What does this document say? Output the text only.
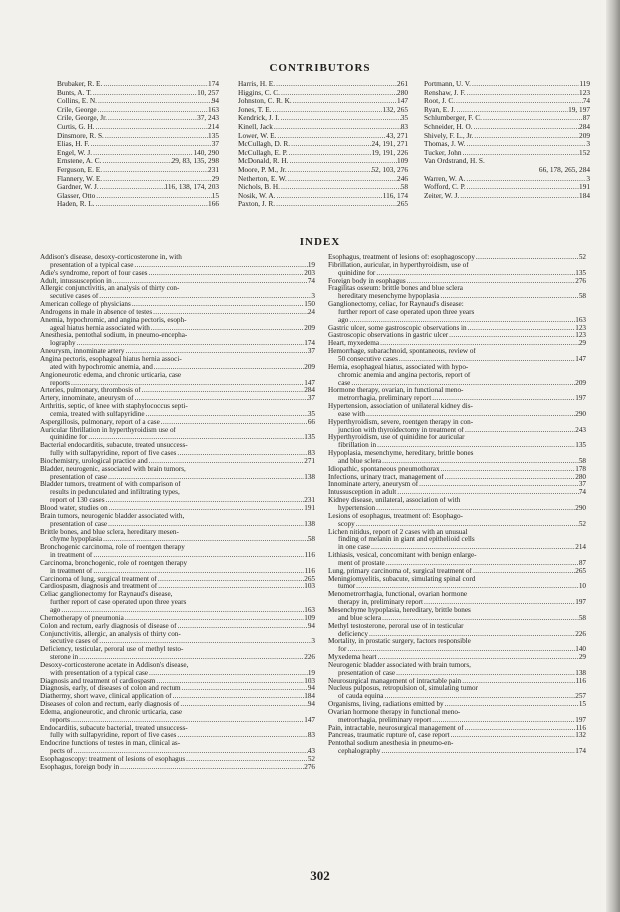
CONTRIBUTORS
Brubaker, R. E. .....	174
Bunts, A. T. .....	10, 257
Collins, E. N. .....	94
Crile, George .....	163
Crile, George, Jr. .....	37, 243
Curtis, G. H. .....	214
Dinsmore, R. S. .....	135
Elias, H. F. .....	37
Engel, W. J. .....	140, 290
Ernstene, A. C. .....	29, 83, 135, 298
Ferguson, E. E. .....	231
Flannery, W. E. .....	29
Gardner, W. J. .....	116, 138, 174, 203
Glasser, Otto .....	15
Haden, R. L. .....	166
Harris, H. E. .....	261
Higgins, C. C. .....	280
Johnston, C. R. K. .....	147
Jones, T. E. .....	132, 265
Kendrick, J. I. .....	35
Kinell, Jack .....	83
Lower, W. E. .....	43, 271
McCullagh, D. R. .....	24, 191, 271
McCullagh, E. P. .....	19, 191, 226
McDonald, R. H. .....	109
Moore, P. M., Jr. .....	52, 103, 276
Netherton, E. W. .....	246
Nichols, B. H. .....	58
Nosik, W. A. .....	116, 174
Paxton, J. R. .....	265
Portmann, U. V. .....	119
Renshaw, J. F. .....	123
Root, J. C. .....	74
Ryan, E. J. .....	19, 197
Schlumberger, F. C. .....	87
Schneider, H. O. .....	284
Shively, F. L., Jr. .....	209
Thomas, J. W. .....	3
Tucker, John .....	152
Van Ordstrand, H. S.
66, 178, 265, 284
Warren, W. A. .....	3
Wofford, C. P. .....	191
Zeiter, W. J. .....	184
INDEX
Addison's disease, desoxy-corticosterone in, with
presentation of a typical case .....	19
Adie's syndrome, report of four cases .....	203
Adult, intussusception in .....	74
Allergic conjunctivitis, an analysis of thirty con-
secutive cases of .....	3
American college of physicians .....	150
Androgens in male in absence of testes .....	24
Anemia, hypochromic, and angina pectoris, esoph-
ageal hiatus hernia associated with .....	209
Anesthesia, pentothal sodium, in pneumo-encepha-
lography .....	174
Aneurysm, innominate artery .....	37
Angina pectoris, esophageal hiatus hernia associ-
ated with hypochromic anemia, and .....	209
Angioneurotic edema, and chronic urticaria, case
reports .....	147
Arteries, pulmonary, thrombosis of .....	284
Artery, innominate, aneurysm of .....	37
Arthritis, septic, of knee with staphylococcus septi-
cemia, treated with sulfapyridine .....	35
Aspergillosis, pulmonary, report of a case .....	66
Auricular fibrillation in hyperthyroidism use of
quinidine for .....	135
Bacterial endocarditis, subacute, treated unsuccess-
fully with sulfapyridine, report of five cases .....	83
Biochemistry, urological practice and .....	271
Bladder, neurogenic, associated with brain tumors,
presentation of case .....	138
Bladder tumors, treatment of with comparison of
results in pedunculated and infiltrating types,
report of 130 cases .....	231
Blood water, studies on .....	191
Brain tumors, neurogenic bladder associated with,
presentation of case .....	138
Brittle bones, and blue sclera, hereditary mesen-
chyme hypoplasia .....	58
Bronchogenic carcinoma, role of roentgen therapy
in treatment of .....	116
Carcinoma, bronchogenic, role of roentgen therapy
in treatment of .....	116
Carcinoma of lung, surgical treatment of .....	265
Cardiospasm, diagnosis and treatment of .....	103
Celiac ganglionectomy for Raynaud's disease,
further report of case operated upon three years
ago .....	163
Chemotherapy of pneumonia .....	109
Colon and rectum, early diagnosis of disease of .....	94
Conjunctivitis, allergic, an analysis of thirty con-
secutive cases of .....	3
Deficiency, testicular, peroral use of methyl testo-
sterone in .....	226
Desoxy-corticosterone acetate in Addison's disease,
with presentation of a typical case .....	19
Diagnosis and treatment of cardiospasm .....	103
Diagnosis, early, of diseases of colon and rectum .....	94
Diathermy, short wave, clinical application of .....	184
Diseases of colon and rectum, early diagnosis of .....	94
Edema, angioneurotic, and chronic urticaria, case
reports .....	147
Endocarditis, subacute bacterial, treated unsuccess-
fully with sulfapyridine, report of five cases .....	83
Endocrine functions of testes in man, clinical as-
pects of .....	43
Esophagoscopy: treatment of lesions of esophagus .....	52
Esophagus, foreign body in .....	276
Esophagus, treatment of lesions of: esophagoscopy .....	52
Fibrillation, auricular, in hyperthyroidism, use of
quinidine for .....	135
Foreign body in esophagus .....	276
Fragilitas osseum: brittle bones and blue sclera
hereditary mesenchyme hypoplasia .....	58
Ganglionectomy, celiac, for Raynaud's disease:
further report of case operated upon three years
ago .....	163
Gastric ulcer, some gastroscopic observations in .....	123
Gastroscopic observations in gastric ulcer .....	123
Heart, myxedema .....	29
Hemorrhage, subarachnoid, spontaneous, review of
50 consecutive cases .....	147
Hernia, esophageal hiatus, associated with hypo-
chromic anemia and angina pectoris, report of
case .....	209
Hormone therapy, ovarian, in functional meno-
metrorrhagia, preliminary report .....	197
Hypertension, association of unilateral kidney dis-
ease with .....	290
Hyperthyroidism, severe, roentgen therapy in con-
junction with thyroidectomy in treatment of .....	243
Hyperthyroidism, use of quinidine for auricular
fibrillation in .....	135
Hypoplasia, mesenchyme, hereditary, brittle bones
and blue sclera .....	58
Idiopathic, spontaneous pneumothorax .....	178
Infections, urinary tract, management of .....	280
Innominate artery, aneurysm of .....	37
Intussusception in adult .....	74
Kidney disease, unilateral, association of with
hypertension .....	290
Lesions of esophagus, treatment of: Esophago-
scopy .....	52
Lichen nitidus, report of 2 cases with an unusual
finding of melanin in giant and epithelioid cells
in one case .....	214
Lithiasis, vesical, concomitant with benign enlarge-
ment of prostate .....	87
Lung, primary carcinoma of, surgical treatment of .....	265
Meningiomyelitis, subacute, simulating spinal cord
tumor .....	10
Menometrorrhagia, functional, ovarian hormone
therapy in, preliminary report .....	197
Mesenchyme hypoplasia, hereditary, brittle bones
and blue sclera .....	58
Methyl testosterone, peroral use of in testicular
deficiency .....	226
Mortality, in prostatic surgery, factors responsible
for .....	140
Myxedema heart .....	29
Neurogenic bladder associated with brain tumors,
presentation of case .....	138
Neurosurgical management of intractable pain .....	116
Nucleus pulposus, retropulsion of, simulating tumor
of cauda equina .....	257
Organisms, living, radiations emitted by .....	15
Ovarian hormone therapy in functional meno-
metrorrhagia, preliminary report .....	197
Pain, intractable, neurosurgical management of .....	116
Pancreas, traumatic rupture of, case report .....	132
Pentothal sodium anesthesia in pneumo-en-
cephalography .....	174
302
